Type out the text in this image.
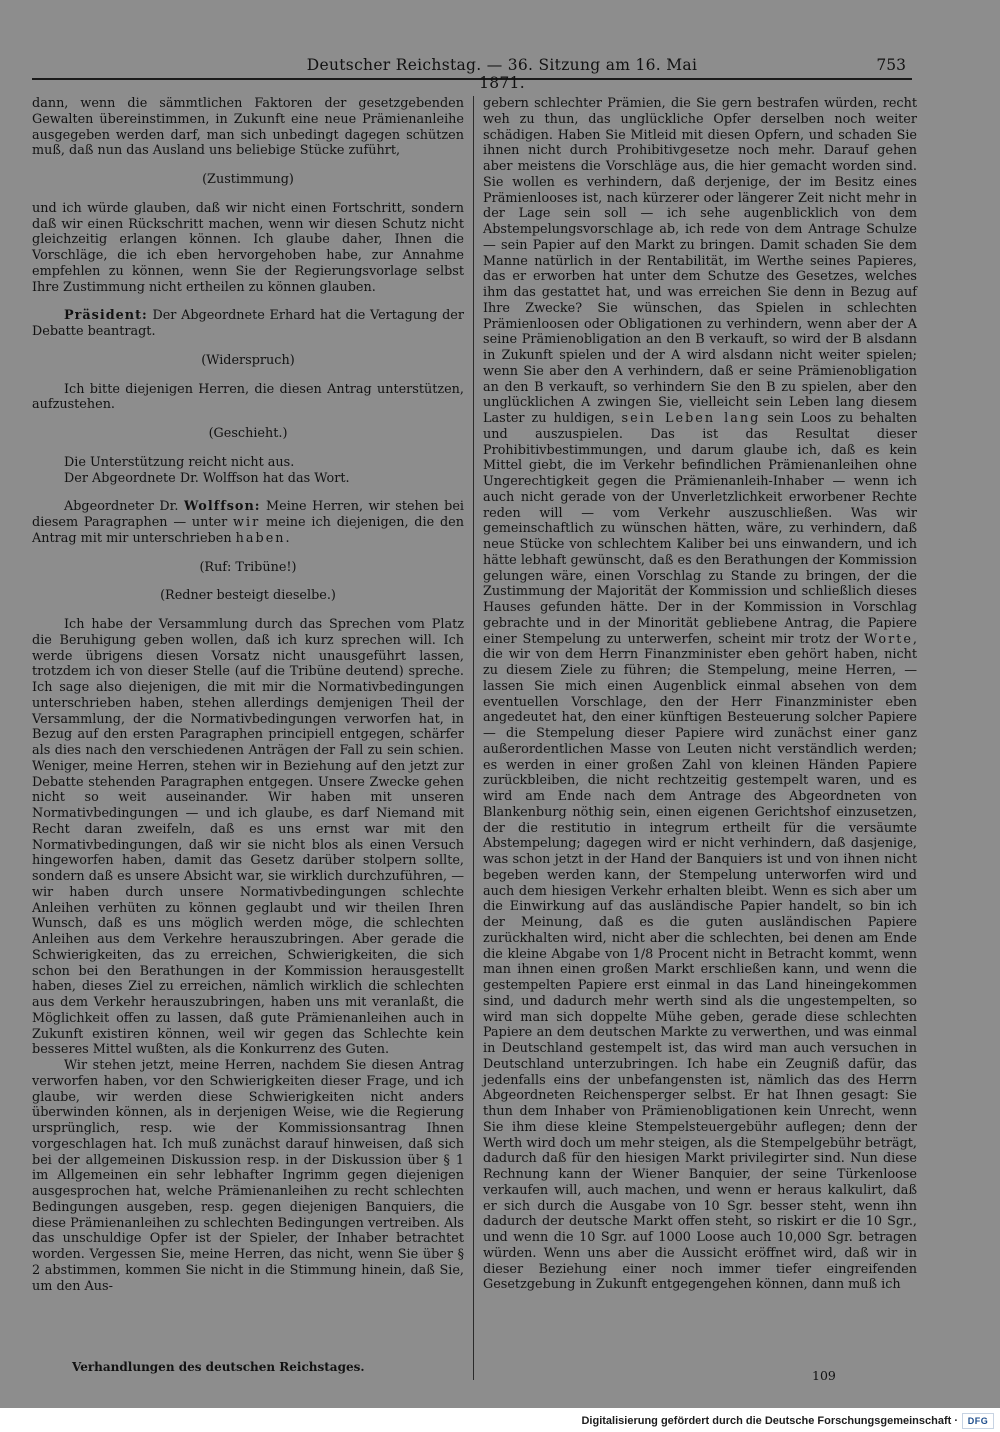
Deutscher Reichstag. — 36. Sitzung am 16. Mai 1871.
753

dann, wenn die sämmtlichen Faktoren der gesetzgebenden Gewalten übereinstimmen, in Zukunft eine neue Prämienanleihe ausgegeben werden darf, man sich unbedingt dagegen schützen muß, daß nun das Ausland uns beliebige Stücke zuführt,

(Zustimmung)

und ich würde glauben, daß wir nicht einen Fortschritt, sondern daß wir einen Rückschritt machen, wenn wir diesen Schutz nicht gleichzeitig erlangen können. Ich glaube daher, Ihnen die Vorschläge, die ich eben hervorgehoben habe, zur Annahme empfehlen zu können, wenn Sie der Regierungsvorlage selbst Ihre Zustimmung nicht ertheilen zu können glauben.

Präsident: Der Abgeordnete Erhard hat die Vertagung der Debatte beantragt.

(Widerspruch)

Ich bitte diejenigen Herren, die diesen Antrag unterstützen, aufzustehen.

(Geschieht.)

Die Unterstützung reicht nicht aus.

Der Abgeordnete Dr. Wolffson hat das Wort.

Abgeordneter Dr. Wolffson: Meine Herren, wir stehen bei diesem Paragraphen — unter wir meine ich diejenigen, die den Antrag mit mir unterschrieben haben.

(Ruf: Tribüne!)

(Redner besteigt dieselbe.)

Ich habe der Versammlung durch das Sprechen vom Platz die Beruhigung geben wollen, daß ich kurz sprechen will. Ich werde übrigens diesen Vorsatz nicht unausgeführt lassen, trotzdem ich von dieser Stelle (auf die Tribüne deutend) spreche. Ich sage also diejenigen, die mit mir die Normativbedingungen unterschrieben haben, stehen allerdings demjenigen Theil der Versammlung, der die Normativbedingungen verworfen hat, in Bezug auf den ersten Paragraphen principiell entgegen, schärfer als dies nach den verschiedenen Anträgen der Fall zu sein schien. Weniger, meine Herren, stehen wir in Beziehung auf den jetzt zur Debatte stehenden Paragraphen entgegen. Unsere Zwecke gehen nicht so weit auseinander. Wir haben mit unseren Normativbedingungen — und ich glaube, es darf Niemand mit Recht daran zweifeln, daß es uns ernst war mit den Normativbedingungen, daß wir sie nicht blos als einen Versuch hingeworfen haben, damit das Gesetz darüber stolpern sollte, sondern daß es unsere Absicht war, sie wirklich durchzuführen, — wir haben durch unsere Normativbedingungen schlechte Anleihen verhüten zu können geglaubt und wir theilen Ihren Wunsch, daß es uns möglich werden möge, die schlechten Anleihen aus dem Verkehre herauszubringen. Aber gerade die Schwierigkeiten, das zu erreichen, Schwierigkeiten, die sich schon bei den Berathungen in der Kommission herausgestellt haben, dieses Ziel zu erreichen, nämlich wirklich die schlechten aus dem Verkehr herauszubringen, haben uns mit veranlaßt, die Möglichkeit offen zu lassen, daß gute Prämienanleihen auch in Zukunft existiren können, weil wir gegen das Schlechte kein besseres Mittel wußten, als die Konkurrenz des Guten.

Wir stehen jetzt, meine Herren, nachdem Sie diesen Antrag verworfen haben, vor den Schwierigkeiten dieser Frage, und ich glaube, wir werden diese Schwierigkeiten nicht anders überwinden können, als in derjenigen Weise, wie die Regierung ursprünglich, resp. wie der Kommissionsantrag Ihnen vorgeschlagen hat. Ich muß zunächst darauf hinweisen, daß sich bei der allgemeinen Diskussion resp. in der Diskussion über § 1 im Allgemeinen ein sehr lebhafter Ingrimm gegen diejenigen ausgesprochen hat, welche Prämienanleihen zu recht schlechten Bedingungen ausgeben, resp. gegen diejenigen Banquiers, die diese Prämienanleihen zu schlechten Bedingungen vertreiben. Als das unschuldige Opfer ist der Spieler, der Inhaber betrachtet worden. Vergessen Sie, meine Herren, das nicht, wenn Sie über § 2 abstimmen, kommen Sie nicht in die Stimmung hinein, daß Sie, um den Aus-

gebern schlechter Prämien, die Sie gern bestrafen würden, recht weh zu thun, das unglückliche Opfer derselben noch weiter schädigen. Haben Sie Mitleid mit diesen Opfern, und schaden Sie ihnen nicht durch Prohibitivgesetze noch mehr. Darauf gehen aber meistens die Vorschläge aus, die hier gemacht worden sind. Sie wollen es verhindern, daß derjenige, der im Besitz eines Prämienlooses ist, nach kürzerer oder längerer Zeit nicht mehr in der Lage sein soll — ich sehe augenblicklich von dem Abstempelungsvorschlage ab, ich rede von dem Antrage Schulze — sein Papier auf den Markt zu bringen. Damit schaden Sie dem Manne natürlich in der Rentabilität, im Werthe seines Papieres, das er erworben hat unter dem Schutze des Gesetzes, welches ihm das gestattet hat, und was erreichen Sie denn in Bezug auf Ihre Zwecke? Sie wünschen, das Spielen in schlechten Prämienloosen oder Obligationen zu verhindern, wenn aber der A seine Prämienobligation an den B verkauft, so wird der B alsdann in Zukunft spielen und der A wird alsdann nicht weiter spielen; wenn Sie aber den A verhindern, daß er seine Prämienobligation an den B verkauft, so verhindern Sie den B zu spielen, aber den unglücklichen A zwingen Sie, vielleicht sein Leben lang diesem Laster zu huldigen, sein Leben lang sein Loos zu behalten und auszuspielen. Das ist das Resultat dieser Prohibitivbestimmungen, und darum glaube ich, daß es kein Mittel giebt, die im Verkehr befindlichen Prämienanleihen ohne Ungerechtigkeit gegen die Prämienanleih-Inhaber — wenn ich auch nicht gerade von der Unverletzlichkeit erworbener Rechte reden will — vom Verkehr auszuschließen. Was wir gemeinschaftlich zu wünschen hätten, wäre, zu verhindern, daß neue Stücke von schlechtem Kaliber bei uns einwandern, und ich hätte lebhaft gewünscht, daß es den Berathungen der Kommission gelungen wäre, einen Vorschlag zu Stande zu bringen, der die Zustimmung der Majorität der Kommission und schließlich dieses Hauses gefunden hätte. Der in der Kommission in Vorschlag gebrachte und in der Minorität gebliebene Antrag, die Papiere einer Stempelung zu unterwerfen, scheint mir trotz der Worte, die wir von dem Herrn Finanzminister eben gehört haben, nicht zu diesem Ziele zu führen; die Stempelung, meine Herren, — lassen Sie mich einen Augenblick einmal absehen von dem eventuellen Vorschlage, den der Herr Finanzminister eben angedeutet hat, den einer künftigen Besteuerung solcher Papiere — die Stempelung dieser Papiere wird zunächst einer ganz außerordentlichen Masse von Leuten nicht verständlich werden; es werden in einer großen Zahl von kleinen Händen Papiere zurückbleiben, die nicht rechtzeitig gestempelt waren, und es wird am Ende nach dem Antrage des Abgeordneten von Blankenburg nöthig sein, einen eigenen Gerichtshof einzusetzen, der die restitutio in integrum ertheilt für die versäumte Abstempelung; dagegen wird er nicht verhindern, daß dasjenige, was schon jetzt in der Hand der Banquiers ist und von ihnen nicht begeben werden kann, der Stempelung unterworfen wird und auch dem hiesigen Verkehr erhalten bleibt. Wenn es sich aber um die Einwirkung auf das ausländische Papier handelt, so bin ich der Meinung, daß es die guten ausländischen Papiere zurückhalten wird, nicht aber die schlechten, bei denen am Ende die kleine Abgabe von 1/8 Procent nicht in Betracht kommt, wenn man ihnen einen großen Markt erschließen kann, und wenn die gestempelten Papiere erst einmal in das Land hineingekommen sind, und dadurch mehr werth sind als die ungestempelten, so wird man sich doppelte Mühe geben, gerade diese schlechten Papiere an dem deutschen Markte zu verwerthen, und was einmal in Deutschland gestempelt ist, das wird man auch versuchen in Deutschland unterzubringen. Ich habe ein Zeugniß dafür, das jedenfalls eins der unbefangensten ist, nämlich das des Herrn Abgeordneten Reichensperger selbst. Er hat Ihnen gesagt: Sie thun dem Inhaber von Prämienobligationen kein Unrecht, wenn Sie ihm diese kleine Stempelsteuergebühr auflegen; denn der Werth wird doch um mehr steigen, als die Stempelgebühr beträgt, dadurch daß für den hiesigen Markt privilegirter sind. Nun diese Rechnung kann der Wiener Banquier, der seine Türkenloose verkaufen will, auch machen, und wenn er heraus kalkulirt, daß er sich durch die Ausgabe von 10 Sgr. besser steht, wenn ihn dadurch der deutsche Markt offen steht, so riskirt er die 10 Sgr., und wenn die 10 Sgr. auf 1000 Loose auch 10,000 Sgr. betragen würden. Wenn uns aber die Aussicht eröffnet wird, daß wir in dieser Beziehung einer noch immer tiefer eingreifenden Gesetzgebung in Zukunft entgegengehen können, dann muß ich

Verhandlungen des deutschen Reichstages.
109
Digitalisierung gefördert durch die Deutsche Forschungsgemeinschaft ·	DFG
